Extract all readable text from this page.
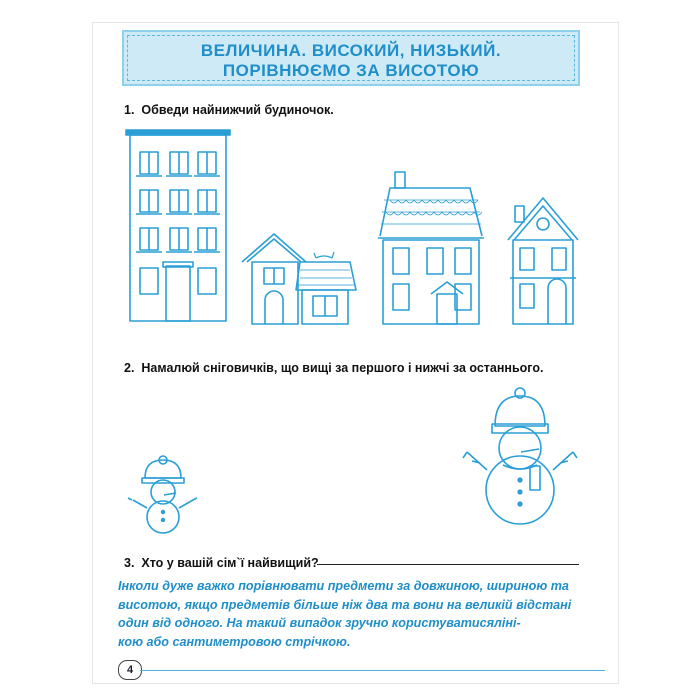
ВЕЛИЧИНА. ВИСОКИЙ, НИЗЬКИЙ.
ПОРІВНЮЄМО ЗА ВИСОТОЮ
1. Обведи найнижчий будиночок.
2. Намалюй сніговичків, що вищі за першого і нижчі за останнього.
3. Хто у вашій сім`ї найвищий?
Інколи дуже важко порівнювати предмети за довжиною, шириною та
висотою, якщо предметів більше ніж два та вони на великій відстані
один від одного. На такий випадок зручно користуватисяліні-
кою або сантиметровою стрічкою.
4
